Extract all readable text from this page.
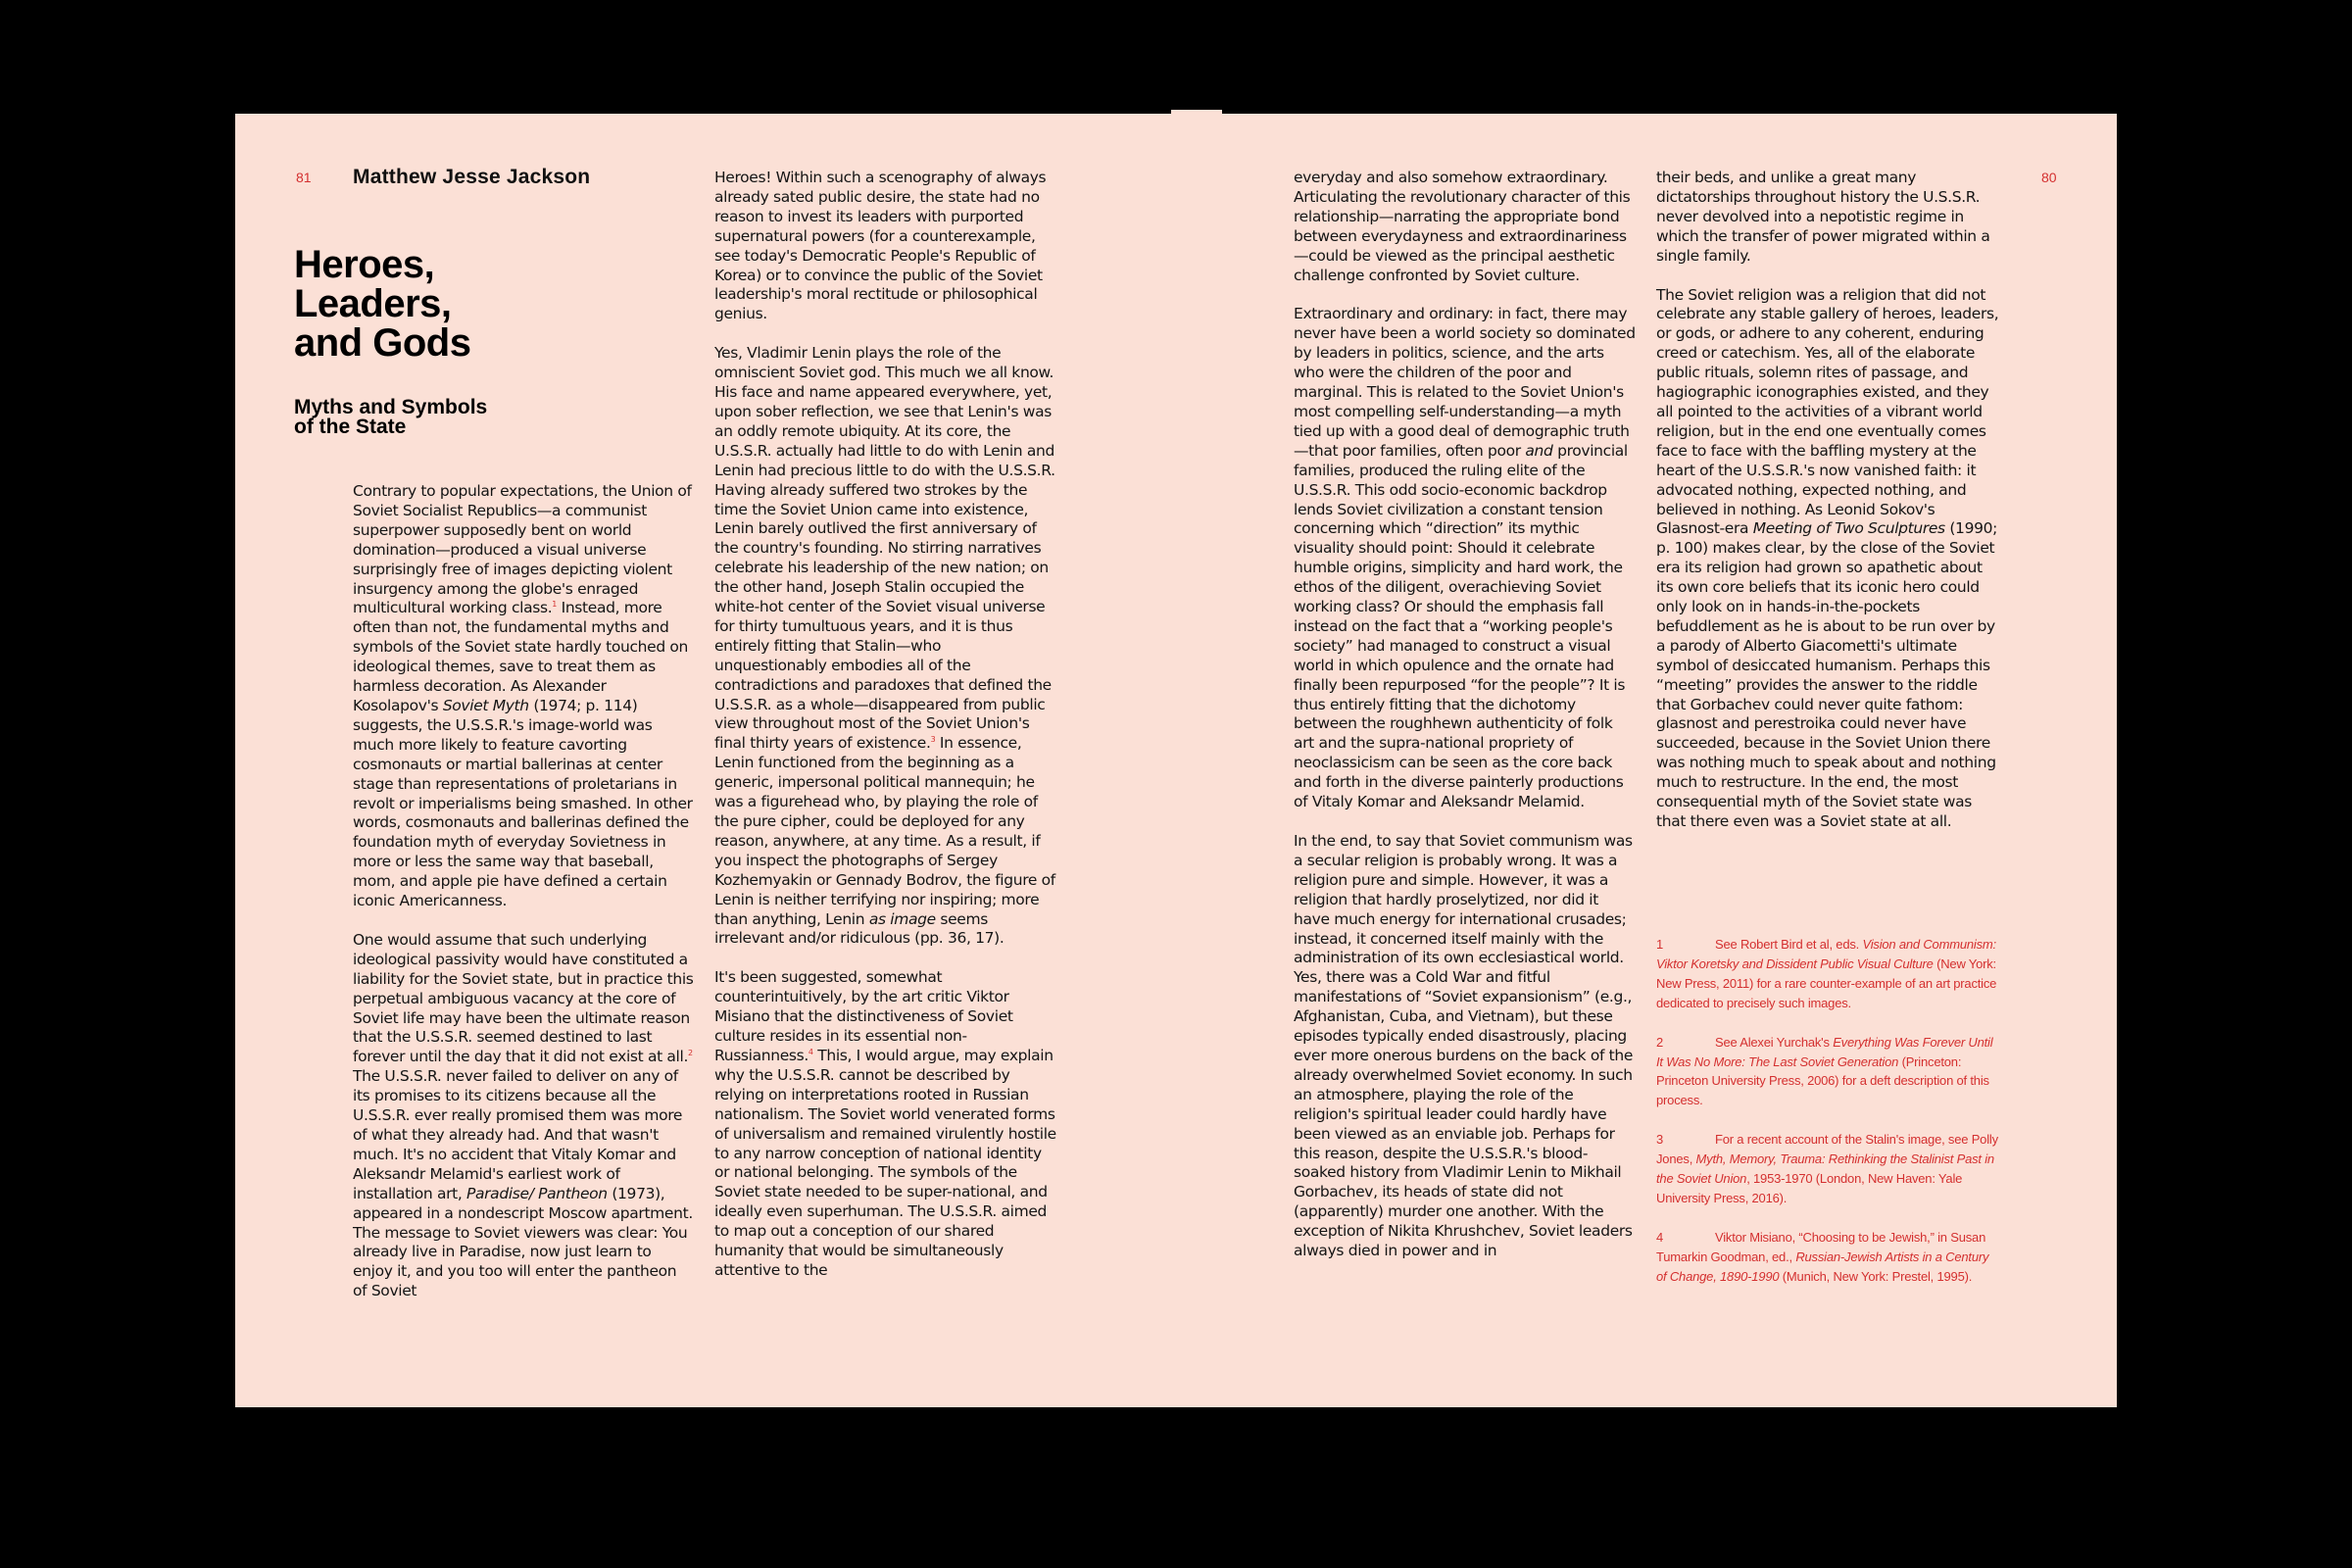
81 Matthew Jesse Jackson
Heroes,
Leaders,
and Gods
Myths and Symbols
of the State

Contrary to popular expectations, the Union of Soviet Socialist Republics—a communist superpower supposedly bent on world domination—produced a visual universe surprisingly free of images depicting violent insurgency among the globe's enraged multicultural working class.$^1$ Instead, more often than not, the fundamental myths and symbols of the Soviet state hardly touched on ideological themes, save to treat them as harmless decoration. As Alexander Kosolapov's Soviet Myth (1974; p. 114) suggests, the U.S.S.R.'s image-world was much more likely to feature cavorting cosmonauts or martial ballerinas at center stage than representations of proletarians in revolt or imperialisms being smashed. In other words, cosmonauts and ballerinas defined the foundation myth of everyday Sovietness in more or less the same way that baseball, mom, and apple pie have defined a certain iconic Americanness.

One would assume that such underlying ideological passivity would have constituted a liability for the Soviet state, but in practice this perpetual ambiguous vacancy at the core of Soviet life may have been the ultimate reason that the U.S.S.R. seemed destined to last forever until the day that it did not exist at all.$^2$ The U.S.S.R. never failed to deliver on any of its promises to its citizens because all the U.S.S.R. ever really promised them was more of what they already had. And that wasn't much. It's no accident that Vitaly Komar and Aleksandr Melamid's earliest work of installation art, Paradise/ Pantheon (1973), appeared in a nondescript Moscow apartment. The message to Soviet viewers was clear: You already live in Paradise, now just learn to enjoy it, and you too will enter the pantheon of Soviet

Heroes! Within such a scenography of always already sated public desire, the state had no reason to invest its leaders with purported supernatural powers (for a counterexample, see today's Democratic People's Republic of Korea) or to convince the public of the Soviet leadership's moral rectitude or philosophical genius.

Yes, Vladimir Lenin plays the role of the omniscient Soviet god. This much we all know. His face and name appeared everywhere, yet, upon sober reflection, we see that Lenin's was an oddly remote ubiquity. At its core, the U.S.S.R. actually had little to do with Lenin and Lenin had precious little to do with the U.S.S.R. Having already suffered two strokes by the time the Soviet Union came into existence, Lenin barely outlived the first anniversary of the country's founding. No stirring narratives celebrate his leadership of the new nation; on the other hand, Joseph Stalin occupied the white-hot center of the Soviet visual universe for thirty tumultuous years, and it is thus entirely fitting that Stalin—who unquestionably embodies all of the contradictions and paradoxes that defined the U.S.S.R. as a whole—disappeared from public view throughout most of the Soviet Union's final thirty years of existence.$^3$ In essence, Lenin functioned from the beginning as a generic, impersonal political mannequin; he was a figurehead who, by playing the role of the pure cipher, could be deployed for any reason, anywhere, at any time. As a result, if you inspect the photographs of Sergey Kozhemyakin or Gennady Bodrov, the figure of Lenin is neither terrifying nor inspiring; more than anything, Lenin as image seems irrelevant and/or ridiculous (pp. 36, 17).

It's been suggested, somewhat counterintuitively, by the art critic Viktor Misiano that the distinctiveness of Soviet culture resides in its essential non-Russianness.$^4$ This, I would argue, may explain why the U.S.S.R. cannot be described by relying on interpretations rooted in Russian nationalism. The Soviet world venerated forms of universalism and remained virulently hostile to any narrow conception of national identity or national belonging. The symbols of the Soviet state needed to be super-national, and ideally even superhuman. The U.S.S.R. aimed to map out a conception of our shared humanity that would be simultaneously attentive to the

everyday and also somehow extraordinary. Articulating the revolutionary character of this relationship—narrating the appropriate bond between everydayness and extraordinariness—could be viewed as the principal aesthetic challenge confronted by Soviet culture.

Extraordinary and ordinary: in fact, there may never have been a world society so dominated by leaders in politics, science, and the arts who were the children of the poor and marginal. This is related to the Soviet Union's most compelling self-understanding—a myth tied up with a good deal of demographic truth—that poor families, often poor and provincial families, produced the ruling elite of the U.S.S.R. This odd socio-economic backdrop lends Soviet civilization a constant tension concerning which “direction” its mythic visuality should point: Should it celebrate humble origins, simplicity and hard work, the ethos of the diligent, overachieving Soviet working class? Or should the emphasis fall instead on the fact that a “working people's society” had managed to construct a visual world in which opulence and the ornate had finally been repurposed “for the people”? It is thus entirely fitting that the dichotomy between the roughhewn authenticity of folk art and the supra-national propriety of neoclassicism can be seen as the core back and forth in the diverse painterly productions of Vitaly Komar and Aleksandr Melamid.

In the end, to say that Soviet communism was a secular religion is probably wrong. It was a religion pure and simple. However, it was a religion that hardly proselytized, nor did it have much energy for international crusades; instead, it concerned itself mainly with the administration of its own ecclesiastical world. Yes, there was a Cold War and fitful manifestations of “Soviet expansionism” (e.g., Afghanistan, Cuba, and Vietnam), but these episodes typically ended disastrously, placing ever more onerous burdens on the back of the already overwhelmed Soviet economy. In such an atmosphere, playing the role of the religion's spiritual leader could hardly have been viewed as an enviable job. Perhaps for this reason, despite the U.S.S.R.'s blood-soaked history from Vladimir Lenin to Mikhail Gorbachev, its heads of state did not (apparently) murder one another. With the exception of Nikita Khrushchev, Soviet leaders always died in power and in

their beds, and unlike a great many dictatorships throughout history the U.S.S.R. never devolved into a nepotistic regime in which the transfer of power migrated within a single family.

The Soviet religion was a religion that did not celebrate any stable gallery of heroes, leaders, or gods, or adhere to any coherent, enduring creed or catechism. Yes, all of the elaborate public rituals, solemn rites of passage, and hagiographic iconographies existed, and they all pointed to the activities of a vibrant world religion, but in the end one eventually comes face to face with the baffling mystery at the heart of the U.S.S.R.'s now vanished faith: it advocated nothing, expected nothing, and believed in nothing. As Leonid Sokov's Glasnost-era Meeting of Two Sculptures (1990; p. 100) makes clear, by the close of the Soviet era its religion had grown so apathetic about its own core beliefs that its iconic hero could only look on in hands-in-the-pockets befuddlement as he is about to be run over by a parody of Alberto Giacometti's ultimate symbol of desiccated humanism. Perhaps this “meeting” provides the answer to the riddle that Gorbachev could never quite fathom: glasnost and perestroika could never have succeeded, because in the Soviet Union there was nothing much to speak about and nothing much to restructure. In the end, the most consequential myth of the Soviet state was that there even was a Soviet state at all.

1	See Robert Bird et al, eds. Vision and Communism: Viktor Koretsky and Dissident Public Visual Culture (New York: New Press, 2011) for a rare counter-example of an art practice dedicated to precisely such images.
2	See Alexei Yurchak's Everything Was Forever Until It Was No More: The Last Soviet Generation (Princeton: Princeton University Press, 2006) for a deft description of this process.
3	For a recent account of the Stalin's image, see Polly Jones, Myth, Memory, Trauma: Rethinking the Stalinist Past in the Soviet Union, 1953-1970 (London, New Haven: Yale University Press, 2016).
4	Viktor Misiano, “Choosing to be Jewish,” in Susan Tumarkin Goodman, ed., Russian-Jewish Artists in a Century of Change, 1890-1990 (Munich, New York: Prestel, 1995).
80
